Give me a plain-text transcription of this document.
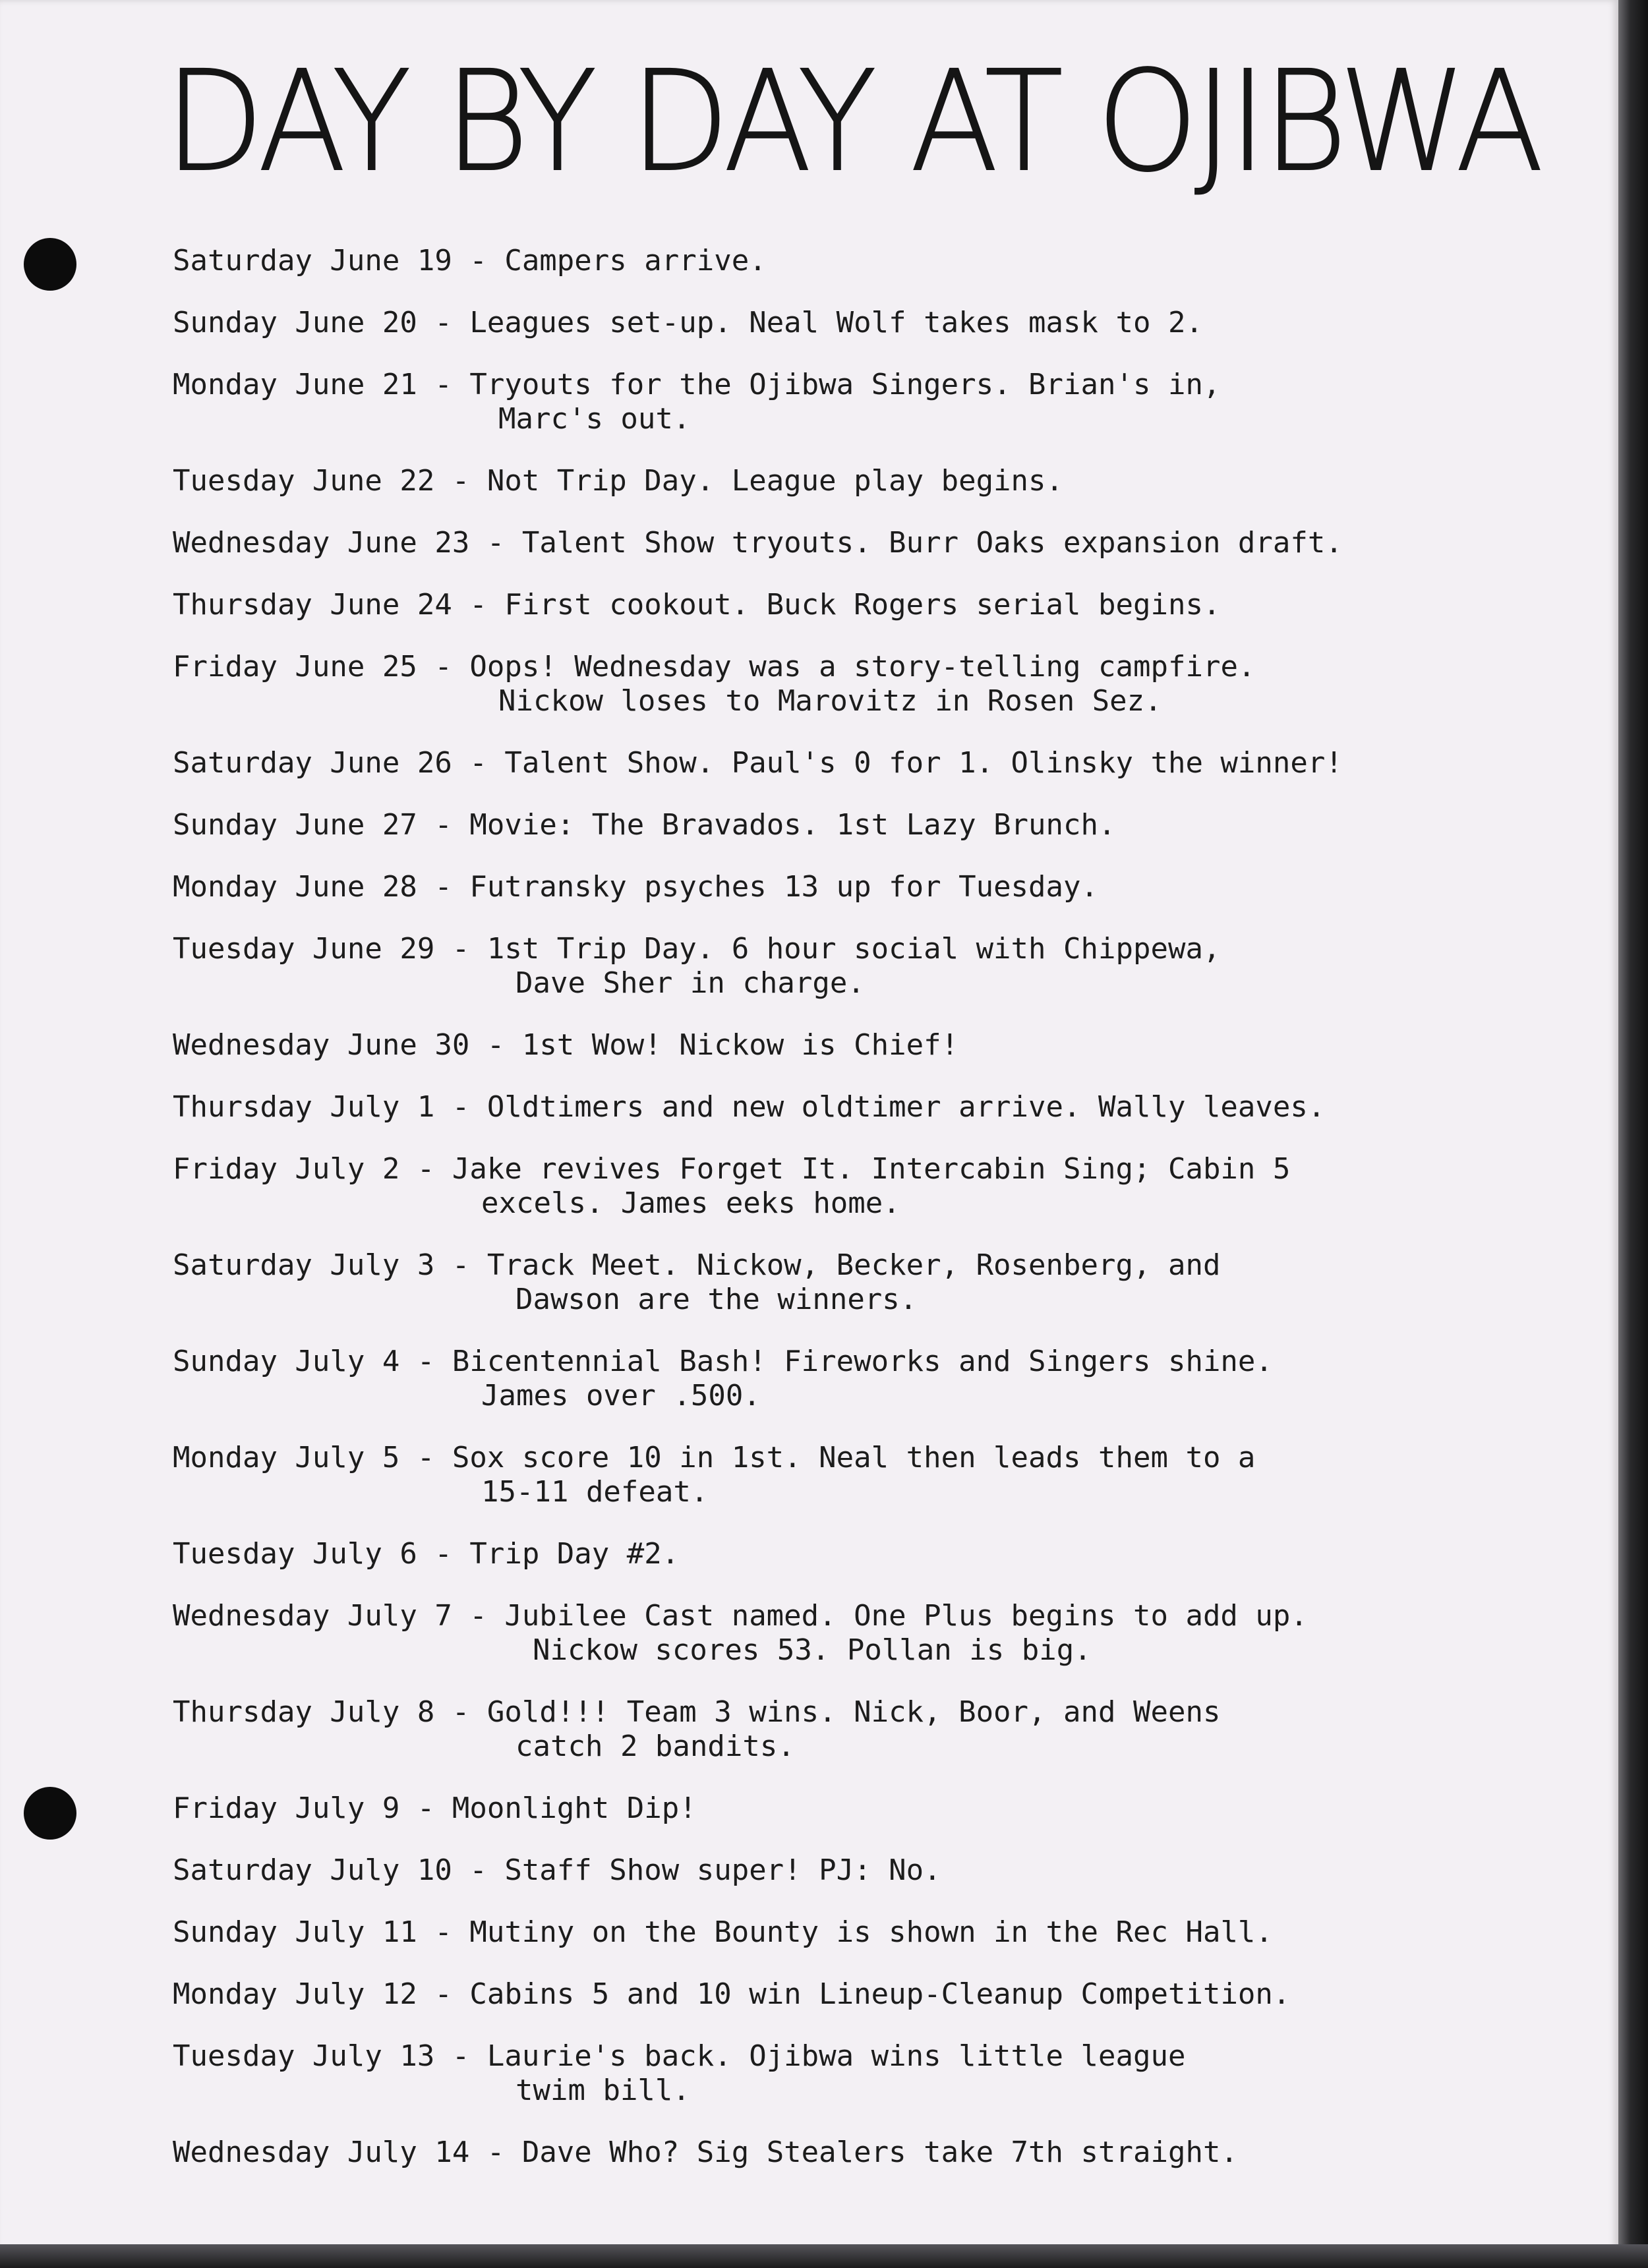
DAY BY DAY AT OJIBWA
Saturday June 19 - Campers arrive.
Sunday June 20 - Leagues set-up. Neal Wolf takes mask to 2.
Monday June 21 - Tryouts for the Ojibwa Singers. Brian's in,
Marc's out.
Tuesday June 22 - Not Trip Day. League play begins.
Wednesday June 23 - Talent Show tryouts. Burr Oaks expansion draft.
Thursday June 24 - First cookout. Buck Rogers serial begins.
Friday June 25 - Oops! Wednesday was a story-telling campfire.
Nickow loses to Marovitz in Rosen Sez.
Saturday June 26 - Talent Show. Paul's 0 for 1. Olinsky the winner!
Sunday June 27 - Movie: The Bravados. 1st Lazy Brunch.
Monday June 28 - Futransky psyches 13 up for Tuesday.
Tuesday June 29 - 1st Trip Day. 6 hour social with Chippewa,
Dave Sher in charge.
Wednesday June 30 - 1st Wow! Nickow is Chief!
Thursday July 1 - Oldtimers and new oldtimer arrive. Wally leaves.
Friday July 2 - Jake revives Forget It. Intercabin Sing; Cabin 5
excels. James eeks home.
Saturday July 3 - Track Meet. Nickow, Becker, Rosenberg, and
Dawson are the winners.
Sunday July 4 - Bicentennial Bash! Fireworks and Singers shine.
James over .500.
Monday July 5 - Sox score 10 in 1st. Neal then leads them to a
15-11 defeat.
Tuesday July 6 - Trip Day #2.
Wednesday July 7 - Jubilee Cast named. One Plus begins to add up.
Nickow scores 53. Pollan is big.
Thursday July 8 - Gold!!! Team 3 wins. Nick, Boor, and Weens
catch 2 bandits.
Friday July 9 - Moonlight Dip!
Saturday July 10 - Staff Show super! PJ: No.
Sunday July 11 - Mutiny on the Bounty is shown in the Rec Hall.
Monday July 12 - Cabins 5 and 10 win Lineup-Cleanup Competition.
Tuesday July 13 - Laurie's back. Ojibwa wins little league
twim bill.
Wednesday July 14 - Dave Who? Sig Stealers take 7th straight.
